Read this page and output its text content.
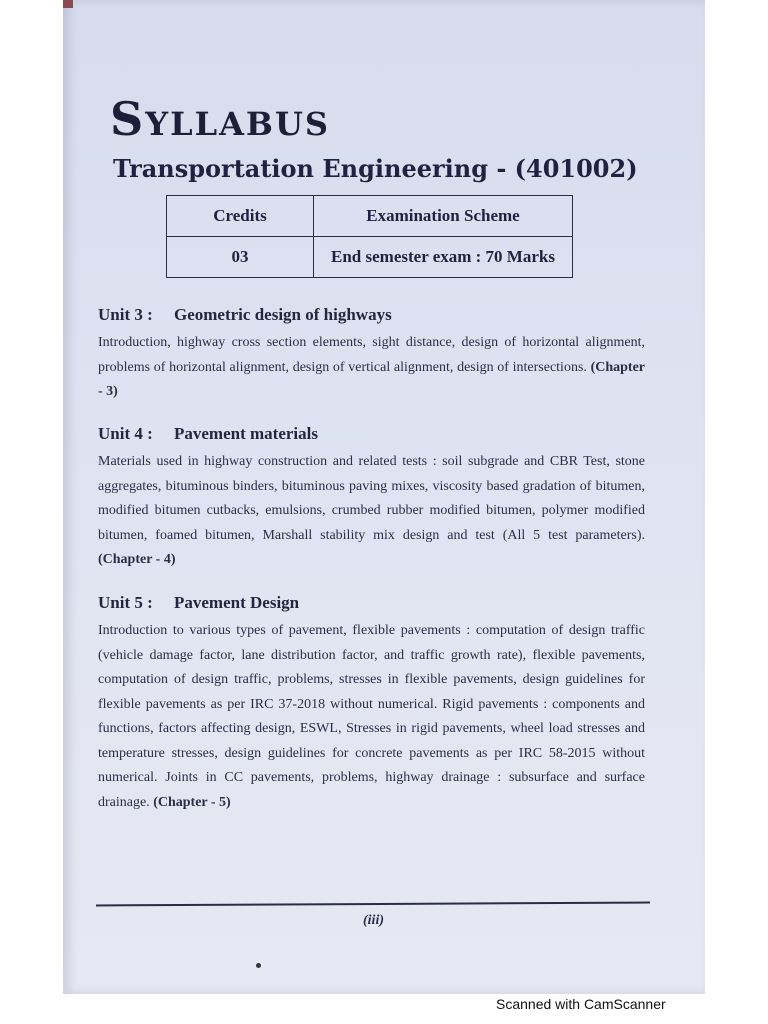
Syllabus
Transportation Engineering - (401002)
Credits	Examination Scheme
03	End semester exam : 70 Marks
Unit 3 : Geometric design of highways
Introduction, highway cross section elements, sight distance, design of horizontal alignment, problems of horizontal alignment, design of vertical alignment, design of intersections. (Chapter - 3)
Unit 4 : Pavement materials
Materials used in highway construction and related tests : soil subgrade and CBR Test, stone aggregates, bituminous binders, bituminous paving mixes, viscosity based gradation of bitumen, modified bitumen cutbacks, emulsions, crumbed rubber modified bitumen, polymer modified bitumen, foamed bitumen, Marshall stability mix design and test (All 5 test parameters). (Chapter - 4)
Unit 5 : Pavement Design
Introduction to various types of pavement, flexible pavements : computation of design traffic (vehicle damage factor, lane distribution factor, and traffic growth rate), flexible pavements, computation of design traffic, problems, stresses in flexible pavements, design guidelines for flexible pavements as per IRC 37-2018 without numerical. Rigid pavements : components and functions, factors affecting design, ESWL, Stresses in rigid pavements, wheel load stresses and temperature stresses, design guidelines for concrete pavements as per IRC 58-2015 without numerical. Joints in CC pavements, problems, highway drainage : subsurface and surface drainage. (Chapter - 5)
(iii)
Scanned with CamScanner
